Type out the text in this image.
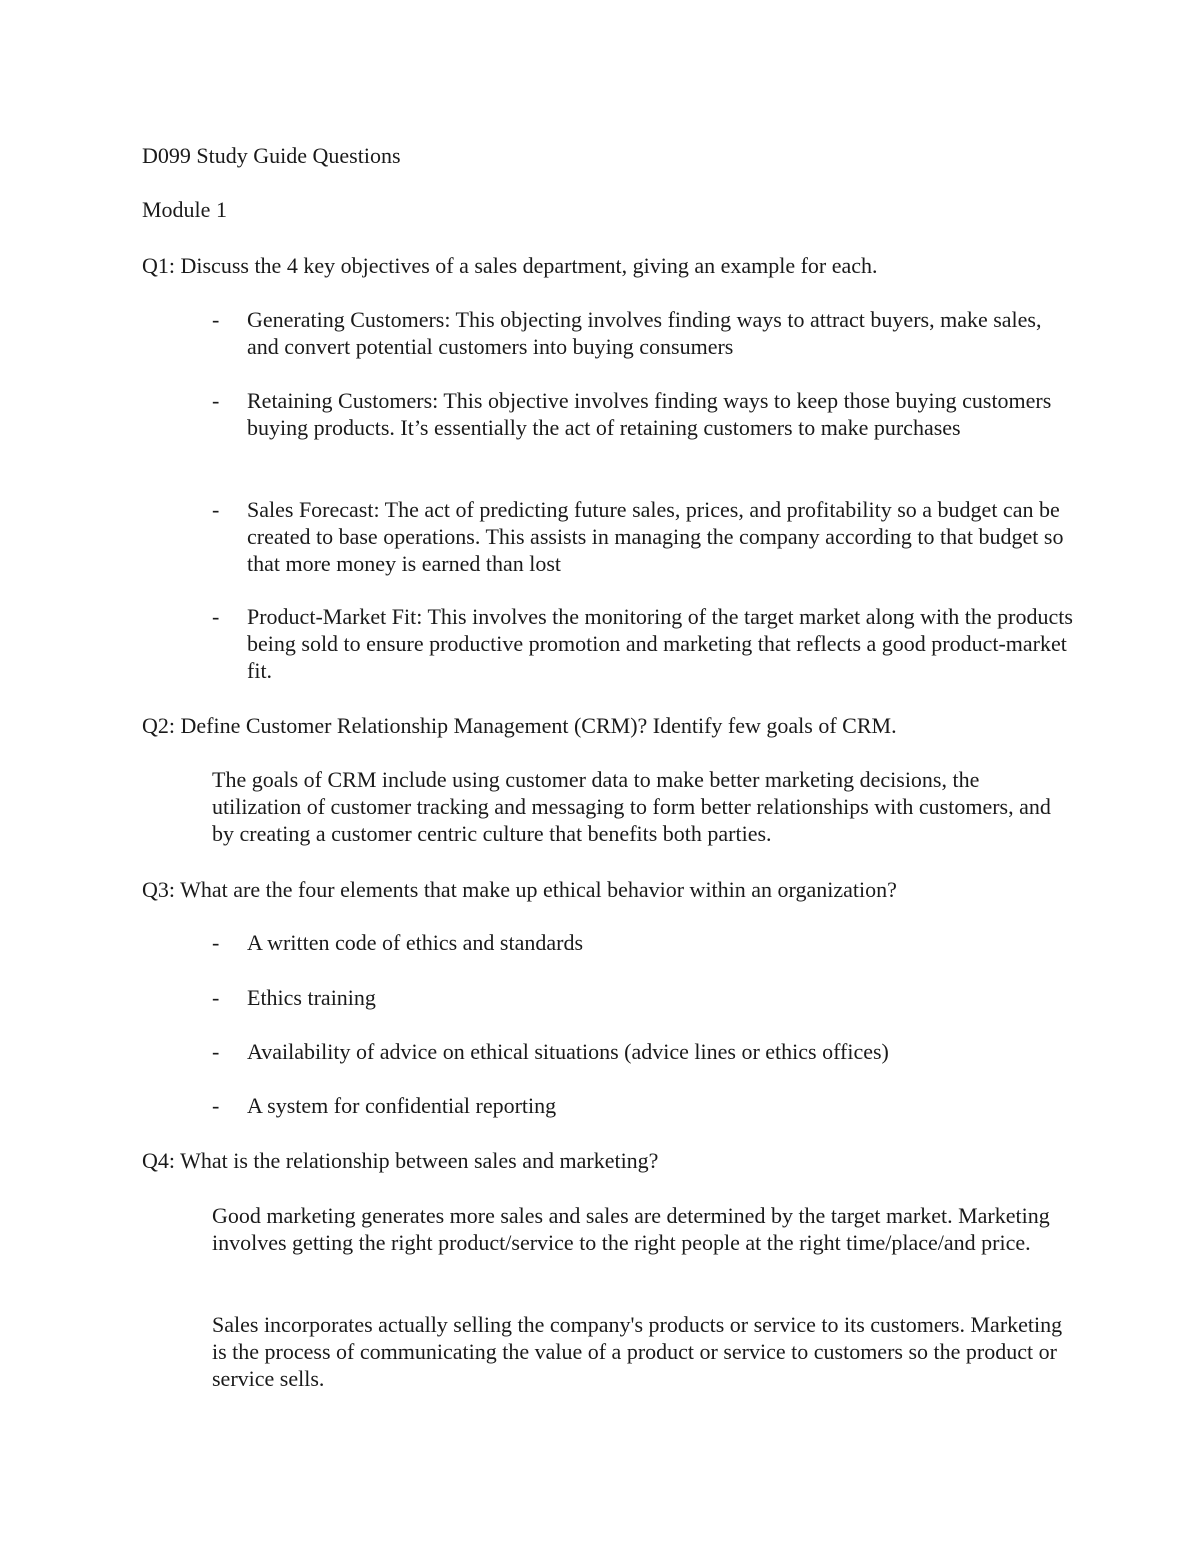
D099 Study Guide Questions

Module 1

Q1: Discuss the 4 key objectives of a sales department, giving an example for each.

-	Generating Customers: This objecting involves finding ways to attract buyers, make sales, and convert potential customers into buying consumers

-	Retaining Customers: This objective involves finding ways to keep those buying customers buying products. It’s essentially the act of retaining customers to make purchases

-	Sales Forecast: The act of predicting future sales, prices, and profitability so a budget can be created to base operations. This assists in managing the company according to that budget so that more money is earned than lost

-	Product-Market Fit: This involves the monitoring of the target market along with the products being sold to ensure productive promotion and marketing that reflects a good product-market fit.

Q2: Define Customer Relationship Management (CRM)? Identify few goals of CRM.

The goals of CRM include using customer data to make better marketing decisions, the utilization of customer tracking and messaging to form better relationships with customers, and by creating a customer centric culture that benefits both parties.

Q3: What are the four elements that make up ethical behavior within an organization?

-	A written code of ethics and standards

-	Ethics training

-	Availability of advice on ethical situations (advice lines or ethics offices)

-	A system for confidential reporting

Q4: What is the relationship between sales and marketing?

Good marketing generates more sales and sales are determined by the target market. Marketing involves getting the right product/service to the right people at the right time/place/and price.

Sales incorporates actually selling the company's products or service to its customers. Marketing is the process of communicating the value of a product or service to customers so the product or service sells.
